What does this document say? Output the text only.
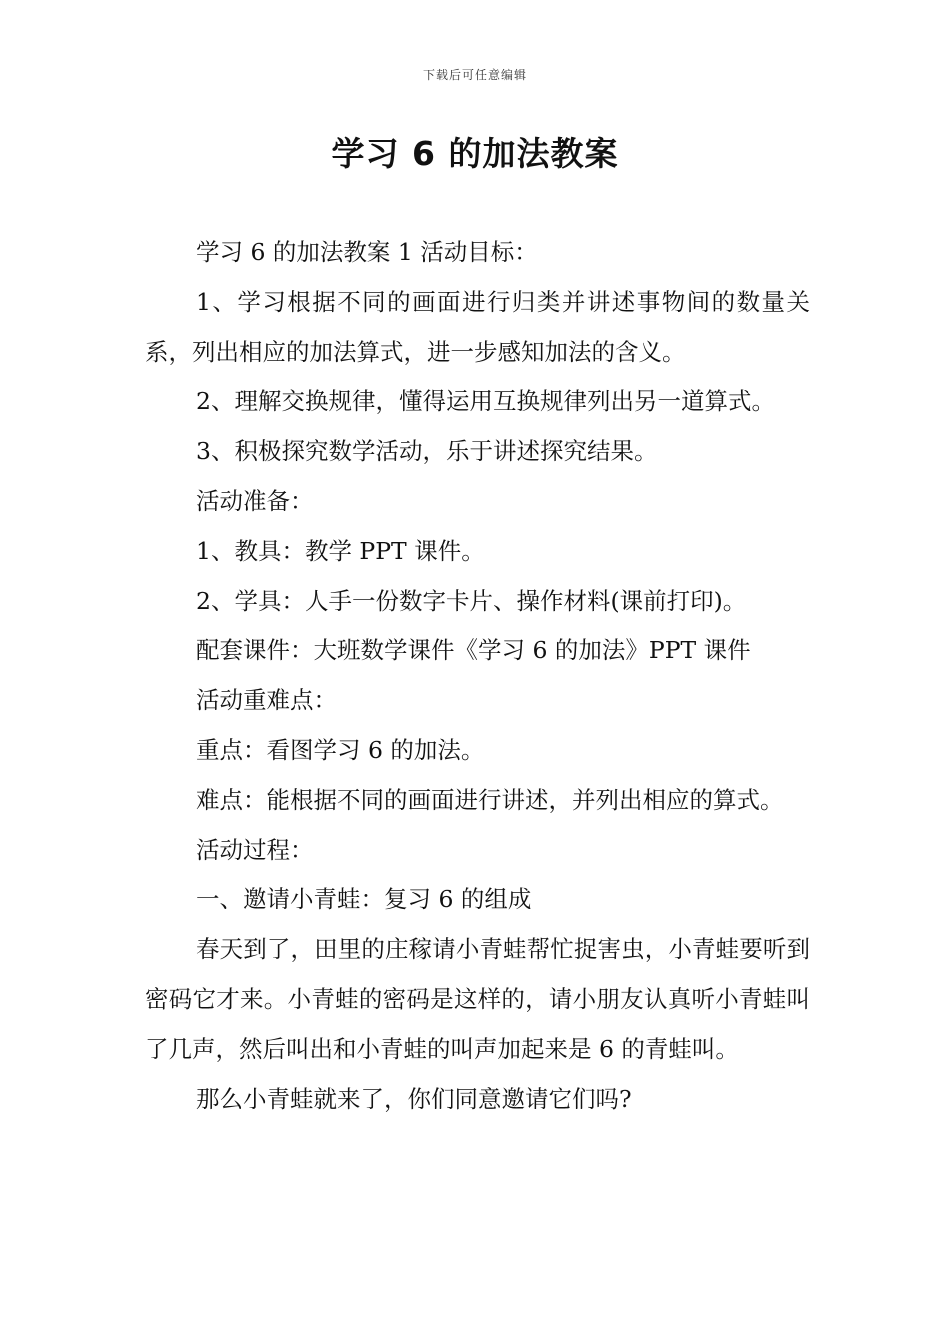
下载后可任意编辑
学习 6 的加法教案

学习 6 的加法教案 1 活动目标：

1、学习根据不同的画面进行归类并讲述事物间的数量关系，列出相应的加法算式，进一步感知加法的含义。

2、理解交换规律，懂得运用互换规律列出另一道算式。

3、积极探究数学活动，乐于讲述探究结果。

活动准备：

1、教具：教学 PPT 课件。

2、学具：人手一份数字卡片、操作材料(课前打印)。

配套课件：大班数学课件《学习 6 的加法》PPT 课件

活动重难点：

重点：看图学习 6 的加法。

难点：能根据不同的画面进行讲述，并列出相应的算式。

活动过程：

一、邀请小青蛙：复习 6 的组成

春天到了，田里的庄稼请小青蛙帮忙捉害虫，小青蛙要听到密码它才来。小青蛙的密码是这样的，请小朋友认真听小青蛙叫了几声，然后叫出和小青蛙的叫声加起来是 6 的青蛙叫。

那么小青蛙就来了，你们同意邀请它们吗?
